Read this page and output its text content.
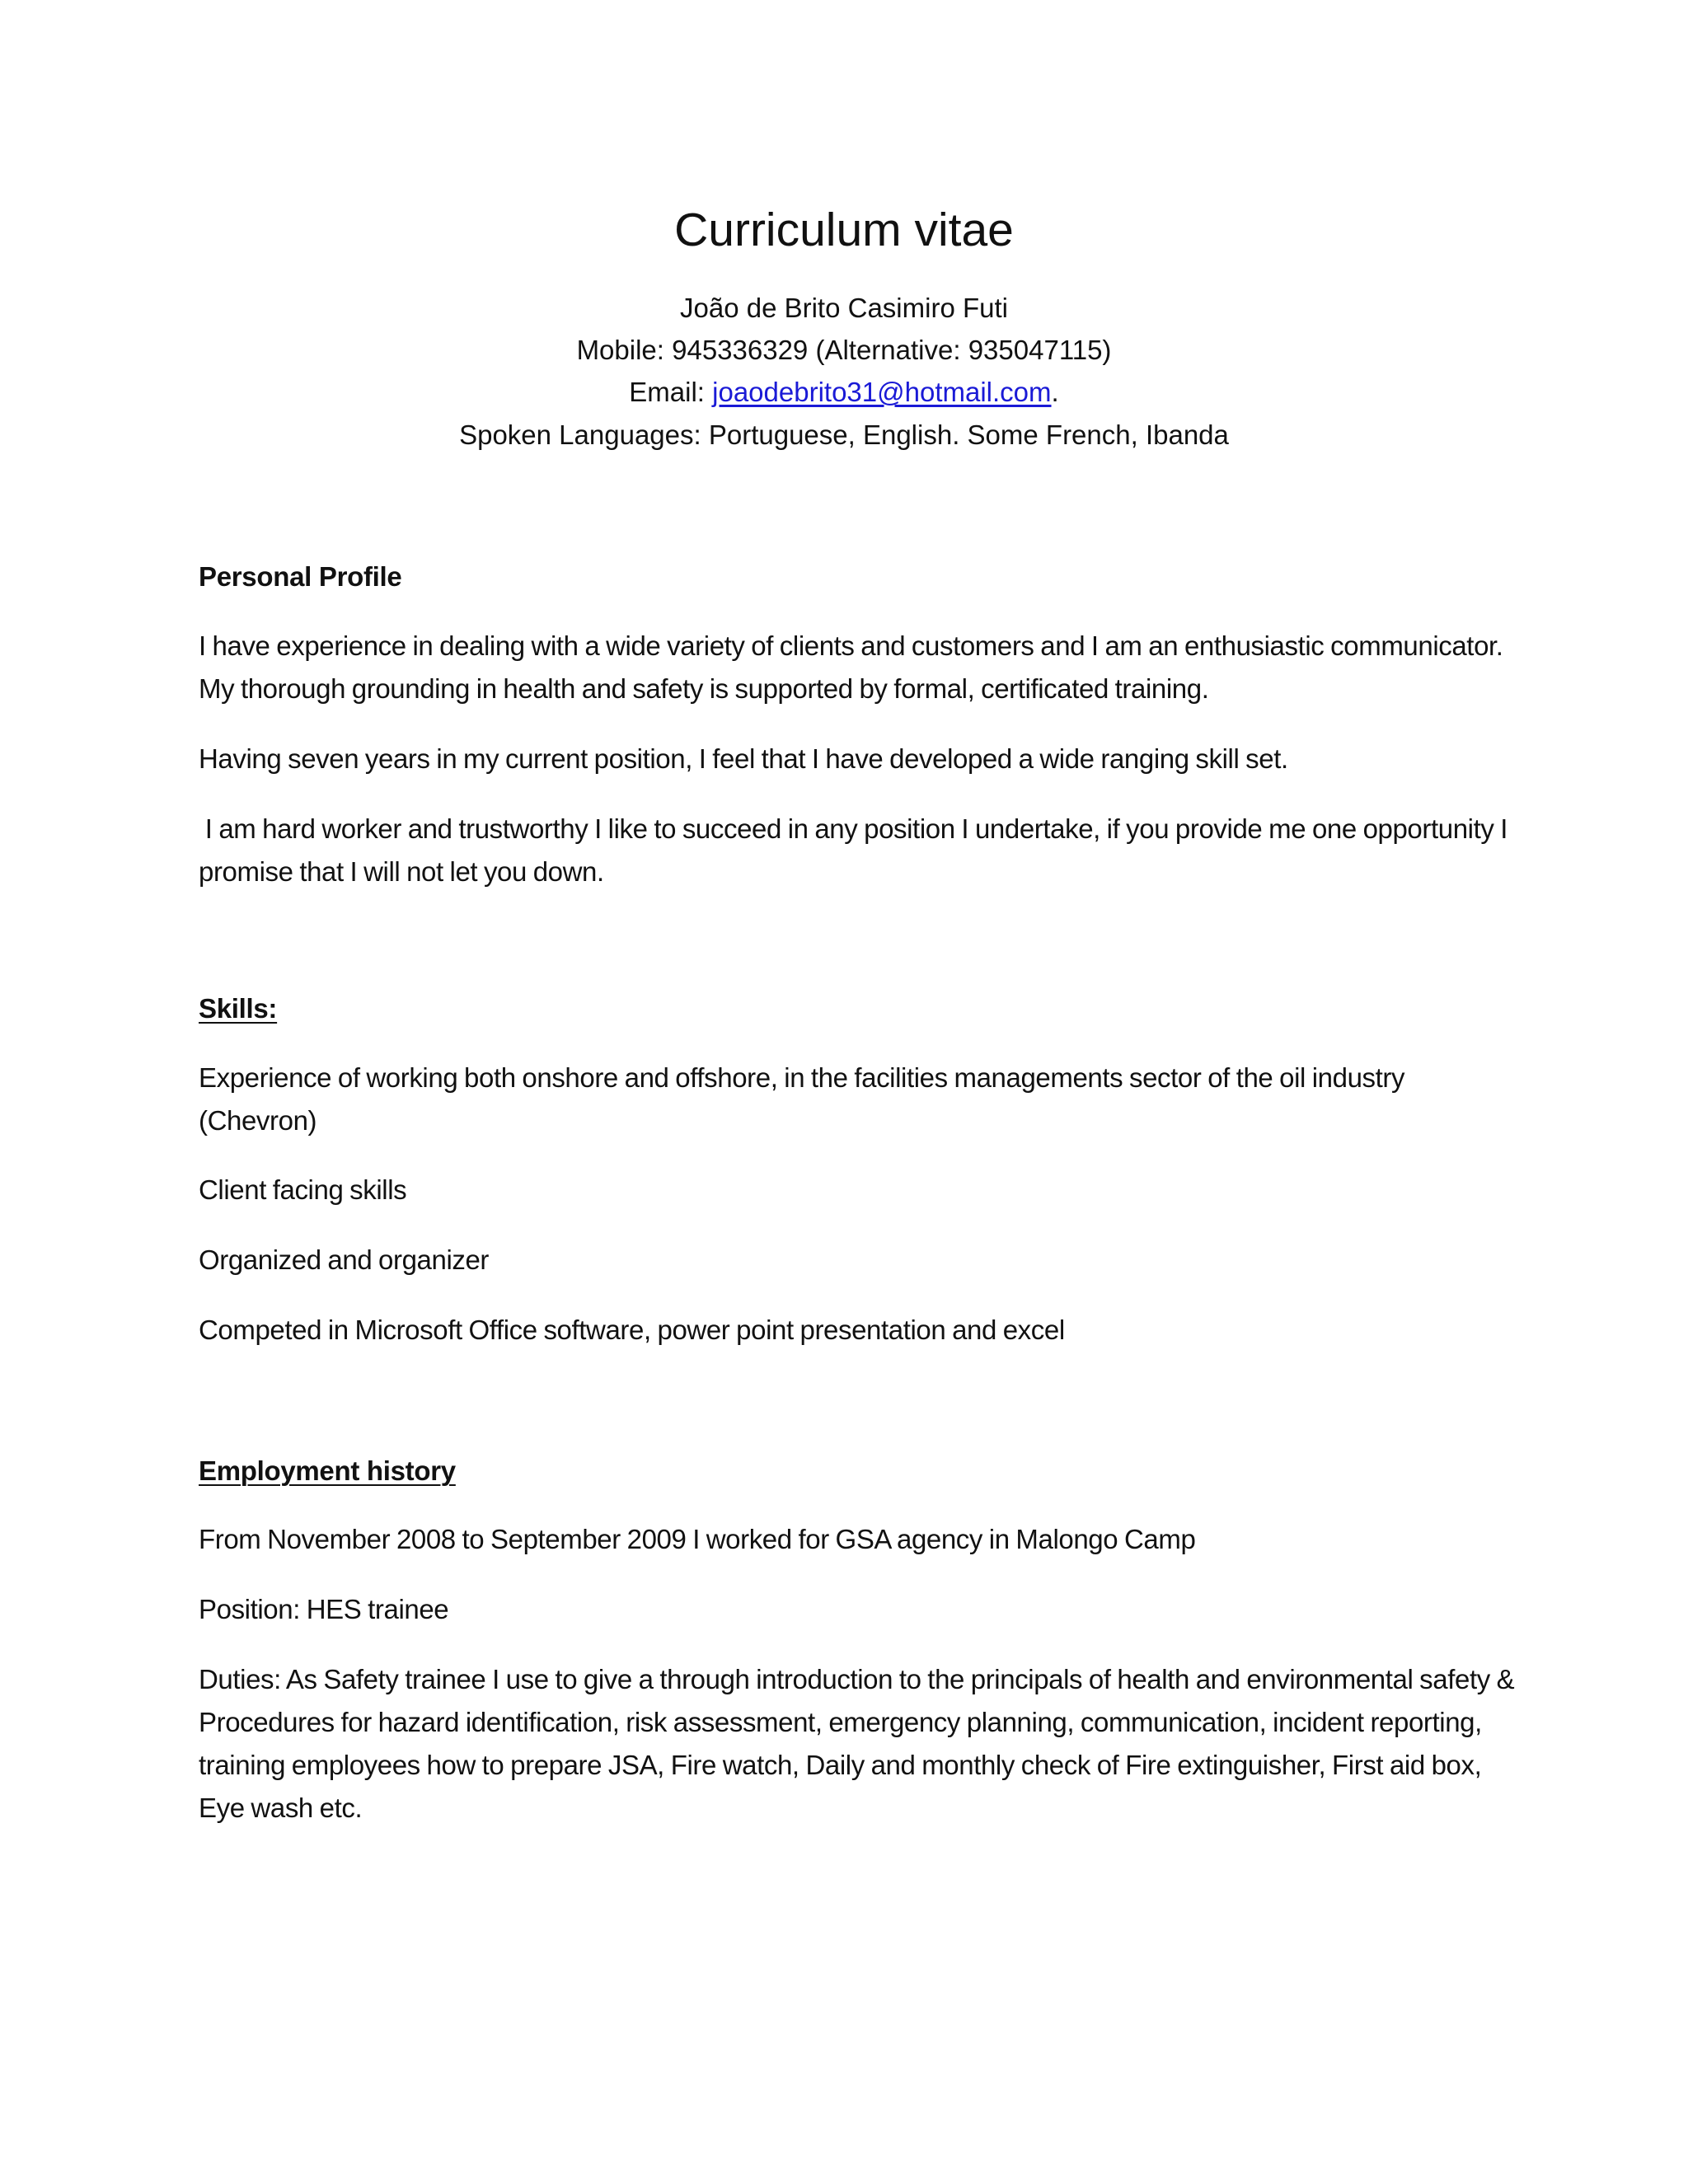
Curriculum vitae

João de Brito Casimiro Futi

Mobile: 945336329 (Alternative: 935047115)

Email: joaodebrito31@hotmail.com.

Spoken Languages: Portuguese, English. Some French, Ibanda

Personal Profile

I have experience in dealing with a wide variety of clients and customers and I am an enthusiastic communicator. My thorough grounding in health and safety is supported by formal, certificated training.

Having seven years in my current position, I feel that I have developed a wide ranging skill set.

I am hard worker and trustworthy I like to succeed in any position I undertake, if you provide me one opportunity I promise that I will not let you down.

Skills:

Experience of working both onshore and offshore, in the facilities managements sector of the oil industry (Chevron)

Client facing skills

Organized and organizer

Competed in Microsoft Office software, power point presentation and excel

Employment history

From November 2008 to September 2009 I worked for GSA agency in Malongo Camp

Position: HES trainee

Duties: As Safety trainee I use to give a through introduction to the principals of health and environmental safety & Procedures for hazard identification, risk assessment, emergency planning, communication, incident reporting, training employees how to prepare JSA, Fire watch, Daily and monthly check of Fire extinguisher, First aid box, Eye wash etc.
